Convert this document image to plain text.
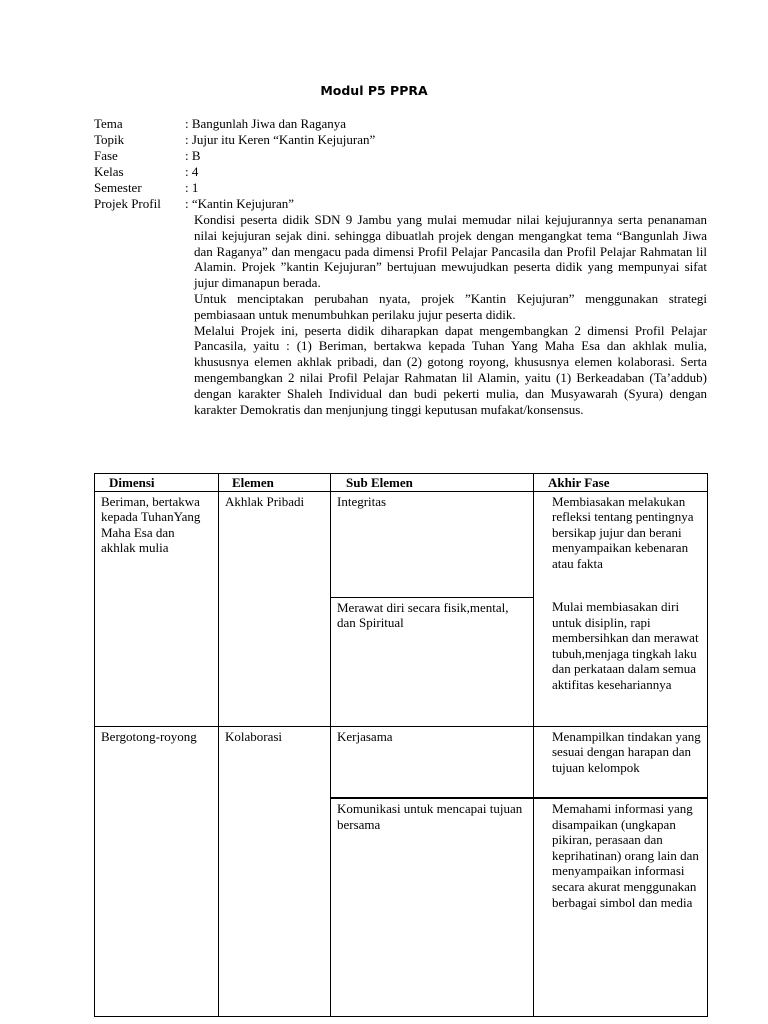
Modul P5 PPRA
Tema	: Bangunlah Jiwa dan Raganya
Topik	: Jujur itu Keren “Kantin Kejujuran”
Fase	: B
Kelas	: 4
Semester	: 1
Projek Profil	: “Kantin Kejujuran”

Kondisi peserta didik SDN 9 Jambu yang mulai memudar nilai kejujurannya serta penanaman nilai kejujuran sejak dini. sehingga dibuatlah projek dengan mengangkat tema “Bangunlah Jiwa dan Raganya” dan mengacu pada dimensi Profil Pelajar Pancasila dan Profil Pelajar Rahmatan lil Alamin. Projek ”kantin Kejujuran” bertujuan mewujudkan peserta didik yang mempunyai sifat jujur dimanapun berada.

Untuk menciptakan perubahan nyata, projek ”Kantin Kejujuran” menggunakan strategi pembiasaan untuk menumbuhkan perilaku jujur peserta didik.

Melalui Projek ini, peserta didik diharapkan dapat mengembangkan 2 dimensi Profil Pelajar Pancasila, yaitu : (1) Beriman, bertakwa kepada Tuhan Yang Maha Esa dan akhlak mulia, khususnya elemen akhlak pribadi, dan (2) gotong royong, khususnya elemen kolaborasi. Serta mengembangkan 2 nilai Profil Pelajar Rahmatan lil Alamin, yaitu (1) Berkeadaban (Ta’addub) dengan karakter Shaleh Individual dan budi pekerti mulia, dan Musyawarah (Syura) dengan karakter Demokratis dan menjunjung tinggi keputusan mufakat/konsensus.

Dimensi	Elemen	Sub Elemen	Akhir Fase
Beriman, bertakwa kepada TuhanYang Maha Esa dan akhlak mulia	Akhlak Pribadi	Integritas	Membiasakan melakukan refleksi tentang pentingnya bersikap jujur dan berani menyampaikan kebenaran atau fakta
		Merawat diri secara fisik,mental, dan Spiritual	Mulai membiasakan diri untuk disiplin, rapi membersihkan dan merawat tubuh,menjaga tingkah laku dan perkataan dalam semua aktifitas kesehariannya
Bergotong-royong	Kolaborasi	Kerjasama	Menampilkan tindakan yang sesuai dengan harapan dan tujuan kelompok
		Komunikasi untuk mencapai tujuan bersama	Memahami informasi yang disampaikan (ungkapan pikiran, perasaan dan keprihatinan) orang lain dan menyampaikan informasi secara akurat menggunakan berbagai simbol dan media
